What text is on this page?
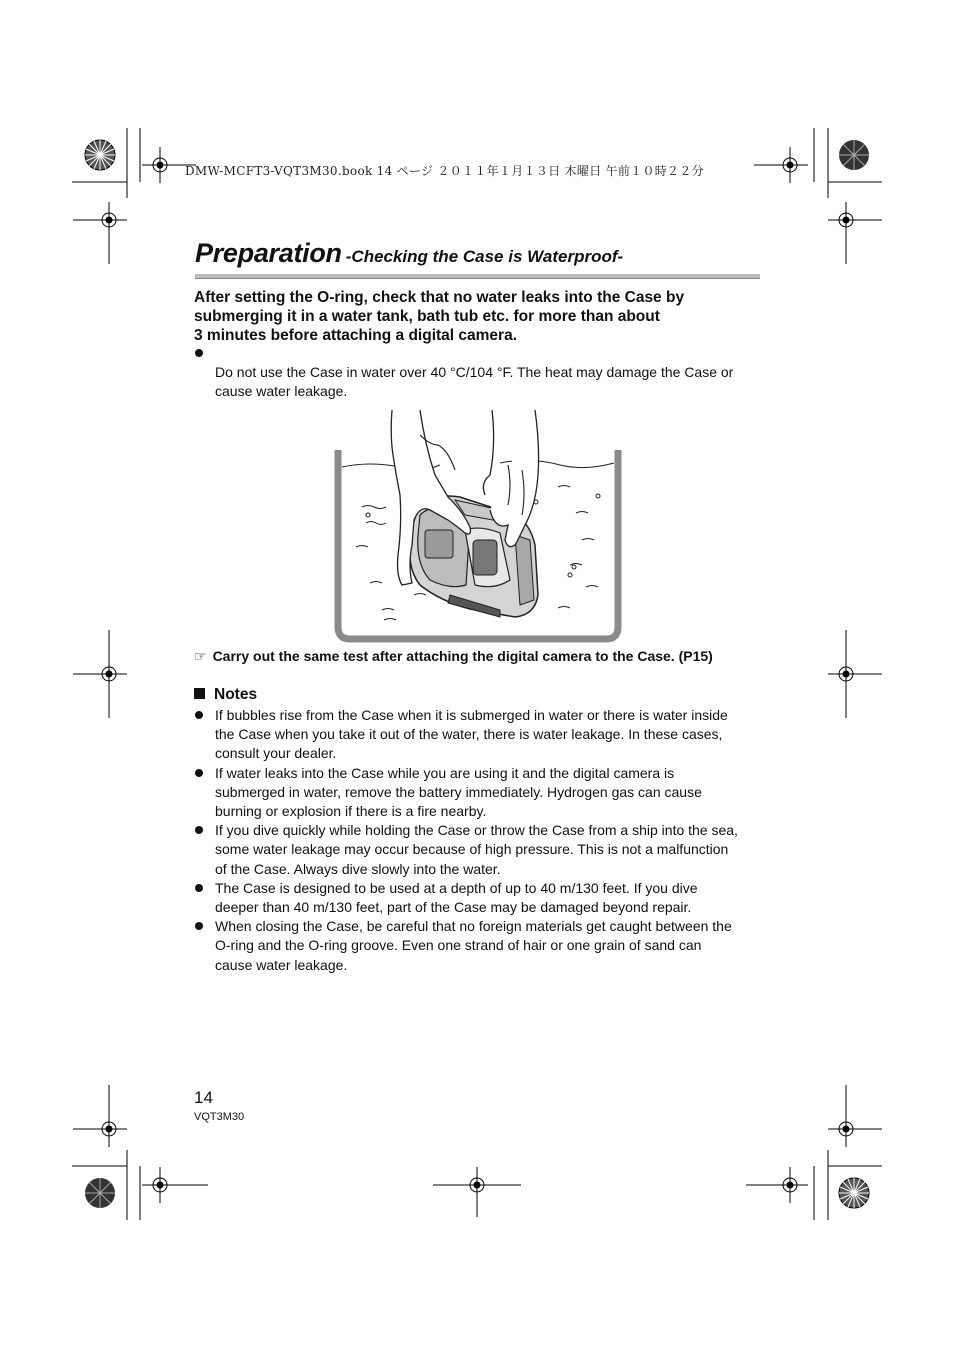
DMW-MCFT3-VQT3M30.book 14 ページ ２０１１年１月１３日 木曜日 午前１０時２２分
Preparation -Checking the Case is Waterproof-
After setting the O-ring, check that no water leaks into the Case by
submerging it in a water tank, bath tub etc. for more than about
3 minutes before attaching a digital camera.

Do not use the Case in water over 40 °C/104 °F. The heat may damage the Case or
cause water leakage.

☞ Carry out the same test after attaching the digital camera to the Case. (P15)
Notes
If bubbles rise from the Case when it is submerged in water or there is water inside
the Case when you take it out of the water, there is water leakage. In these cases,
consult your dealer.
If water leaks into the Case while you are using it and the digital camera is
submerged in water, remove the battery immediately. Hydrogen gas can cause
burning or explosion if there is a fire nearby.
If you dive quickly while holding the Case or throw the Case from a ship into the sea,
some water leakage may occur because of high pressure. This is not a malfunction
of the Case. Always dive slowly into the water.
The Case is designed to be used at a depth of up to 40 m/130 feet. If you dive
deeper than 40 m/130 feet, part of the Case may be damaged beyond repair.
When closing the Case, be careful that no foreign materials get caught between the
O-ring and the O-ring groove. Even one strand of hair or one grain of sand can
cause water leakage.
14
VQT3M30
